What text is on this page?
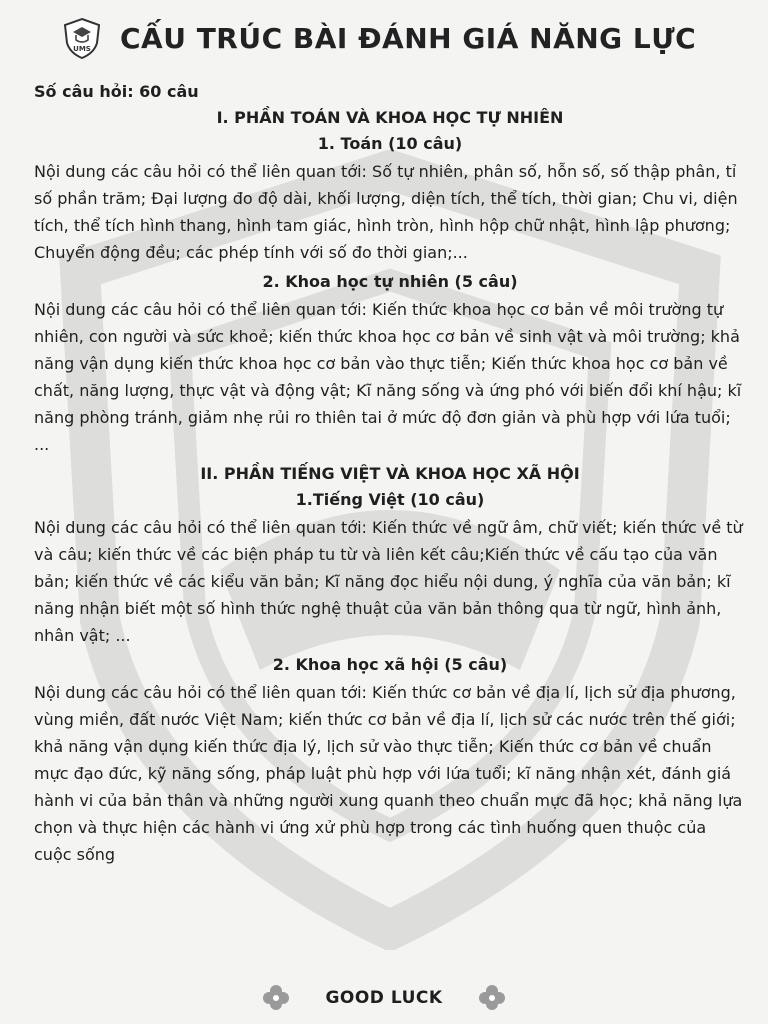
UMS CẤU TRÚC BÀI ĐÁNH GIÁ NĂNG LỰC

Số câu hỏi: 60 câu

I. PHẦN TOÁN VÀ KHOA HỌC TỰ NHIÊN
1. Toán (10 câu)

Nội dung các câu hỏi có thể liên quan tới: Số tự nhiên, phân số, hỗn số, số thập phân, tỉ số phần trăm; Đại lượng đo độ dài, khối lượng, diện tích, thể tích, thời gian; Chu vi, diện tích, thể tích hình thang, hình tam giác, hình tròn, hình hộp chữ nhật, hình lập phương; Chuyển động đều; các phép tính với số đo thời gian;...

2. Khoa học tự nhiên (5 câu)

Nội dung các câu hỏi có thể liên quan tới: Kiến thức khoa học cơ bản về môi trường tự nhiên, con người và sức khoẻ; kiến thức khoa học cơ bản về sinh vật và môi trường; khả năng vận dụng kiến thức khoa học cơ bản vào thực tiễn; Kiến thức khoa học cơ bản về chất, năng lượng, thực vật và động vật; Kĩ năng sống và ứng phó với biến đổi khí hậu; kĩ năng phòng tránh, giảm nhẹ rủi ro thiên tai ở mức độ đơn giản và phù hợp với lứa tuổi; ...

II. PHẦN TIẾNG VIỆT VÀ KHOA HỌC XÃ HỘI
1.Tiếng Việt (10 câu)

Nội dung các câu hỏi có thể liên quan tới: Kiến thức về ngữ âm, chữ viết; kiến thức về từ và câu; kiến thức về các biện pháp tu từ và liên kết câu;Kiến thức về cấu tạo của văn bản; kiến thức về các kiểu văn bản; Kĩ năng đọc hiểu nội dung, ý nghĩa của văn bản; kĩ năng nhận biết một số hình thức nghệ thuật của văn bản thông qua từ ngữ, hình ảnh, nhân vật; ...

2. Khoa học xã hội (5 câu)

Nội dung các câu hỏi có thể liên quan tới: Kiến thức cơ bản về địa lí, lịch sử địa phương, vùng miền, đất nước Việt Nam; kiến thức cơ bản về địa lí, lịch sử các nước trên thế giới; khả năng vận dụng kiến thức địa lý, lịch sử vào thực tiễn; Kiến thức cơ bản về chuẩn mực đạo đức, kỹ năng sống, pháp luật phù hợp với lứa tuổi; kĩ năng nhận xét, đánh giá hành vi của bản thân và những người xung quanh theo chuẩn mực đã học; khả năng lựa chọn và thực hiện các hành vi ứng xử phù hợp trong các tình huống quen thuộc của cuộc sống

GOOD LUCK
